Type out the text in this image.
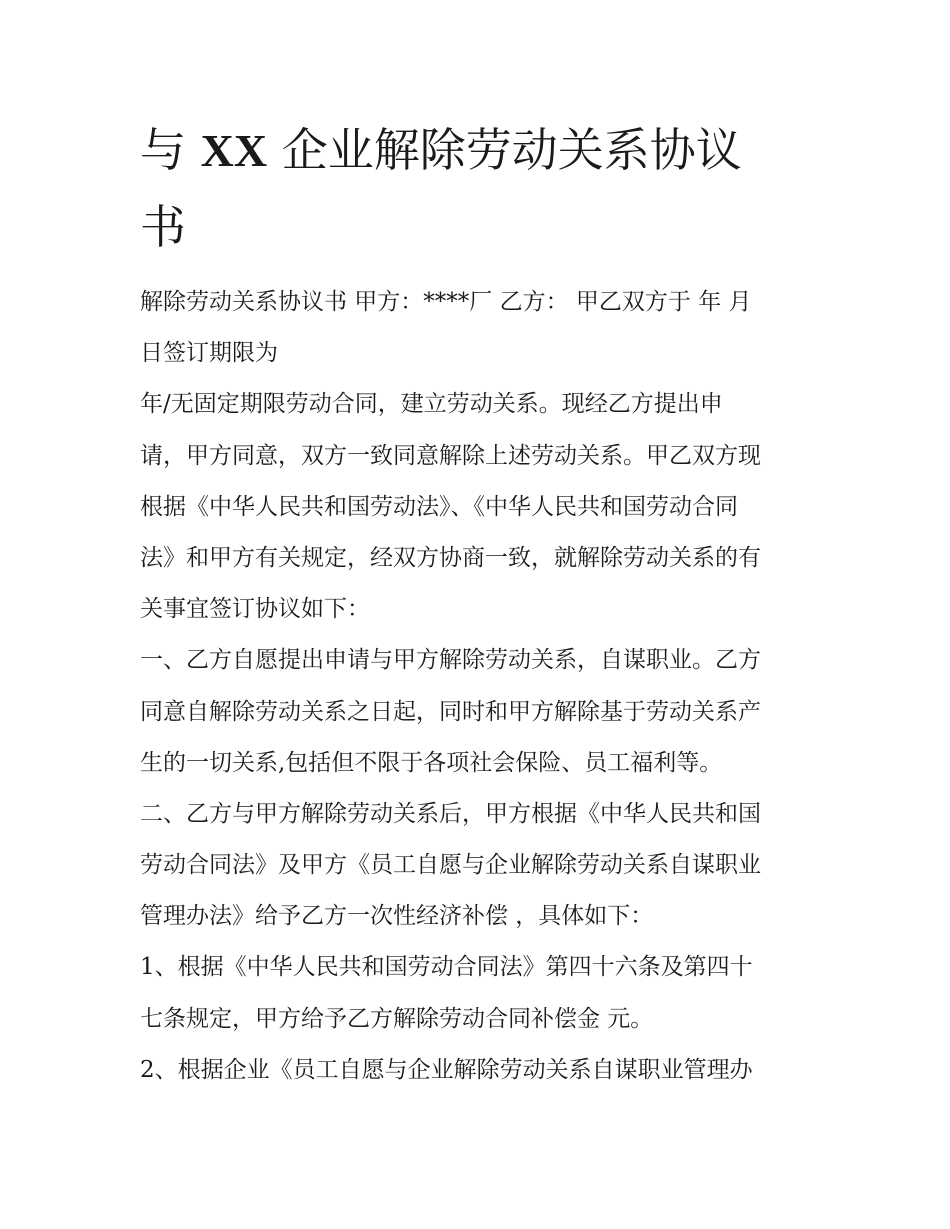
与 XX 企业解除劳动关系协议
书
解除劳动关系协议书 甲方：****厂 乙方： 甲乙双方于 年 月
日签订期限为
年/无固定期限劳动合同，建立劳动关系。现经乙方提出申
请，甲方同意，双方一致同意解除上述劳动关系。甲乙双方现
根据《中华人民共和国劳动法》、《中华人民共和国劳动合同
法》和甲方有关规定，经双方协商一致，就解除劳动关系的有
关事宜签订协议如下：
一、乙方自愿提出申请与甲方解除劳动关系，自谋职业。乙方
同意自解除劳动关系之日起，同时和甲方解除基于劳动关系产
生的一切关系,包括但不限于各项社会保险、员工福利等。
二、乙方与甲方解除劳动关系后，甲方根据《中华人民共和国
劳动合同法》及甲方《员工自愿与企业解除劳动关系自谋职业
管理办法》给予乙方一次性经济补偿 ，具体如下：
1、根据《中华人民共和国劳动合同法》第四十六条及第四十
七条规定，甲方给予乙方解除劳动合同补偿金 元。
2、根据企业《员工自愿与企业解除劳动关系自谋职业管理办
